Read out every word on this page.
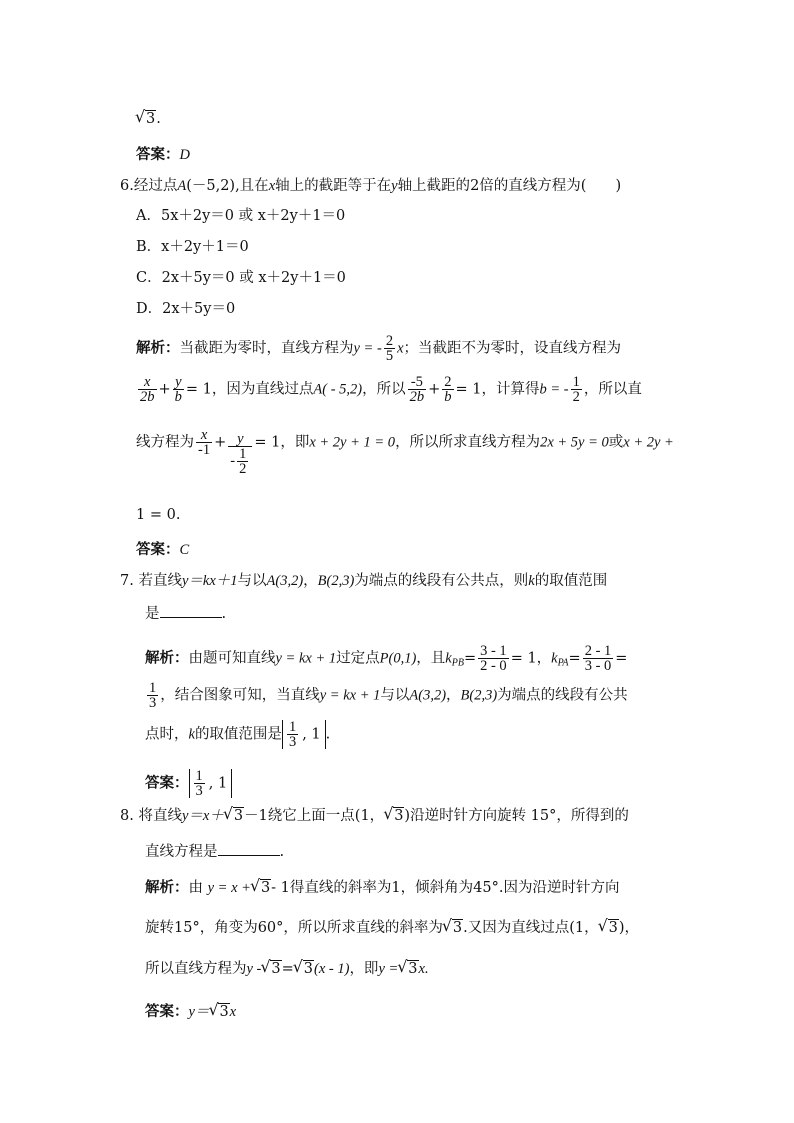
√ 3.
答案：D
6.经过点A(－5,2),且在x轴上的截距等于在y轴上截距的2倍的直线方程为(　　)
A．5x＋2y＝0 或 x＋2y＋1＝0
B．x＋2y＋1＝0
C．2x＋5y＝0 或 x＋2y＋1＝0
D．2x＋5y＝0
解析：当截距为零时，直线方程为y = - $\frac{2}{5}$ x；当截距不为零时，设直线方程为
$\frac{x}{2b} + \frac{y}{b} = 1$，因为直线过点A( - 5,2)，所以 $\frac{-5}{2b} + \frac{2}{b} = 1$，计算得b = - $\frac{1}{2}$ ，所以直
线方程为 $\frac{x}{-1} + \frac{y}{- \frac{1}{2}} = 1$，即x + 2y + 1 = 0，所以所求直线方程为2x + 5y = 0或x + 2y +
1 = 0.
答案：C
7. 若直线y＝kx＋1与以A(3,2)，B(2,3)为端点的线段有公共点，则k的取值范围
是	.
解析：由题可知直线y = kx + 1过定点P(0,1)，且$k_{PB}= \frac{3 - 1}{2 - 0} = 1$，$k_{PA}= \frac{2 - 1}{3 - 0}$ =
$\frac{1}{3}$ ，结合图象可知，当直线y = kx + 1与以A(3,2)，B(2,3)为端点的线段有公共
点时，k的取值范围是 $\frac{1}{3}$ , 1 .
答案： $\frac{1}{3}$ , 1
8. 将直线y＝x＋ √ 3－1绕它上面一点(1， √ 3)沿逆时针方向旋转 15°，所得到的
直线方程是	.
解析：由 y = x + √ 3- 1得直线的斜率为1，倾斜角为45°.因为沿逆时针方向
旋转15°，角变为60°，所以所求直线的斜率为 √ 3.又因为直线过点(1， √ 3)，
所以直线方程为y - √ 3= √ 3(x - 1)，即y = √ 3x.
答案：y＝ √ 3x
